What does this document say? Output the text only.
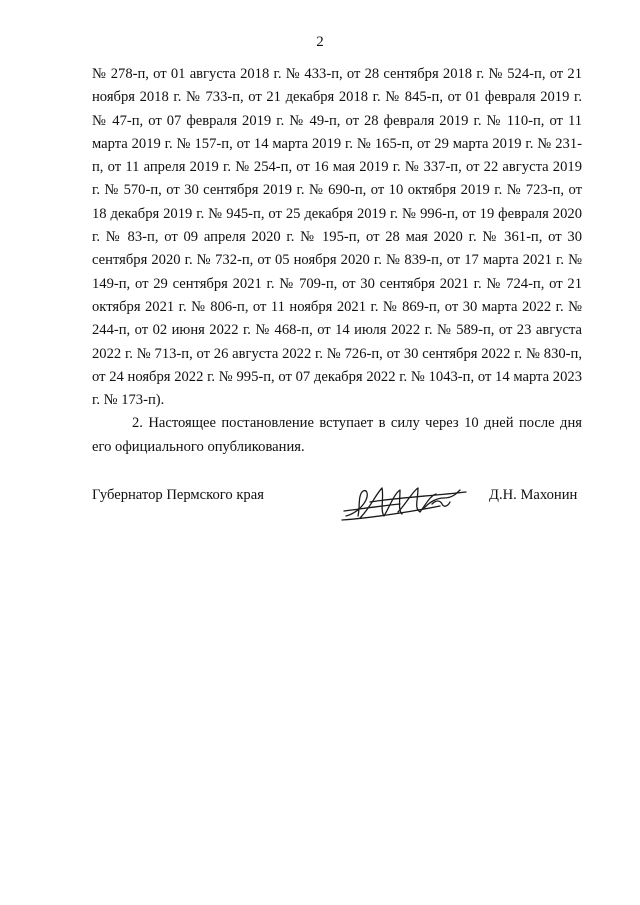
2

№ 278-п, от 01 августа 2018 г. № 433-п, от 28 сентября 2018 г. № 524-п, от 21 ноября 2018 г. № 733-п, от 21 декабря 2018 г. № 845-п, от 01 февраля 2019 г. № 47-п, от 07 февраля 2019 г. № 49-п, от 28 февраля 2019 г. № 110-п, от 11 марта 2019 г. № 157-п, от 14 марта 2019 г. № 165-п, от 29 марта 2019 г. № 231-п, от 11 апреля 2019 г. № 254-п, от 16 мая 2019 г. № 337-п, от 22 августа 2019 г. № 570-п, от 30 сентября 2019 г. № 690-п, от 10 октября 2019 г. № 723-п, от 18 декабря 2019 г. № 945-п, от 25 декабря 2019 г. № 996-п, от 19 февраля 2020 г. № 83-п, от 09 апреля 2020 г. № 195-п, от 28 мая 2020 г. № 361-п, от 30 сентября 2020 г. № 732-п, от 05 ноября 2020 г. № 839-п, от 17 марта 2021 г. № 149-п, от 29 сентября 2021 г. № 709-п, от 30 сентября 2021 г. № 724-п, от 21 октября 2021 г. № 806-п, от 11 ноября 2021 г. № 869-п, от 30 марта 2022 г. № 244-п, от 02 июня 2022 г. № 468-п, от 14 июля 2022 г. № 589-п, от 23 августа 2022 г. № 713-п, от 26 августа 2022 г. № 726-п, от 30 сентября 2022 г. № 830-п, от 24 ноября 2022 г. № 995-п, от 07 декабря 2022 г. № 1043-п, от 14 марта 2023 г. № 173-п).

2. Настоящее постановление вступает в силу через 10 дней после дня его официального опубликования.

Губернатор Пермского края	Д.Н. Махонин
